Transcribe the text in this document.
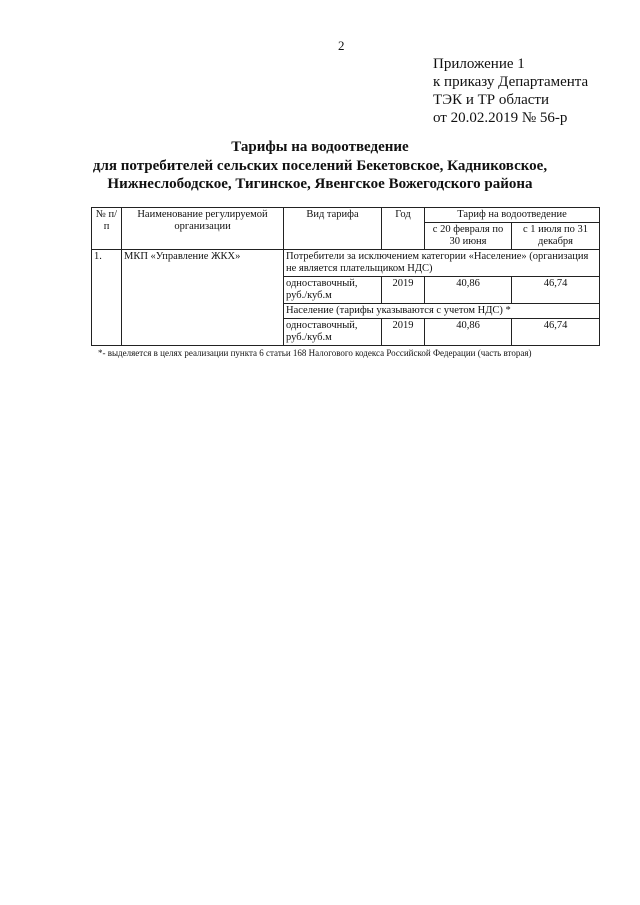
2
Приложение 1
к приказу Департамента
ТЭК и ТР области
от 20.02.2019 № 56-р
Тарифы на водоотведение
для потребителей сельских поселений Бекетовское, Кадниковское,
Нижнеслободское, Тигинское, Явенгское Вожегодского района
№ п/п	Наименование регулируемой организации	Вид тарифа	Год	Тариф на водоотведение	
				с 20 февраля по 30 июня	с 1 июля по 31 декабря
1.	МКП «Управление ЖКХ»	Потребители за исключением категории «Население» (организация не является плательщиком НДС)			
		одноставочный, руб./куб.м	2019	40,86	46,74
		Население (тарифы указываются с учетом НДС) *			
		одноставочный, руб./куб.м	2019	40,86	46,74
*- выделяется в целях реализации пункта 6 статьи 168 Налогового кодекса Российской Федерации (часть вторая)
